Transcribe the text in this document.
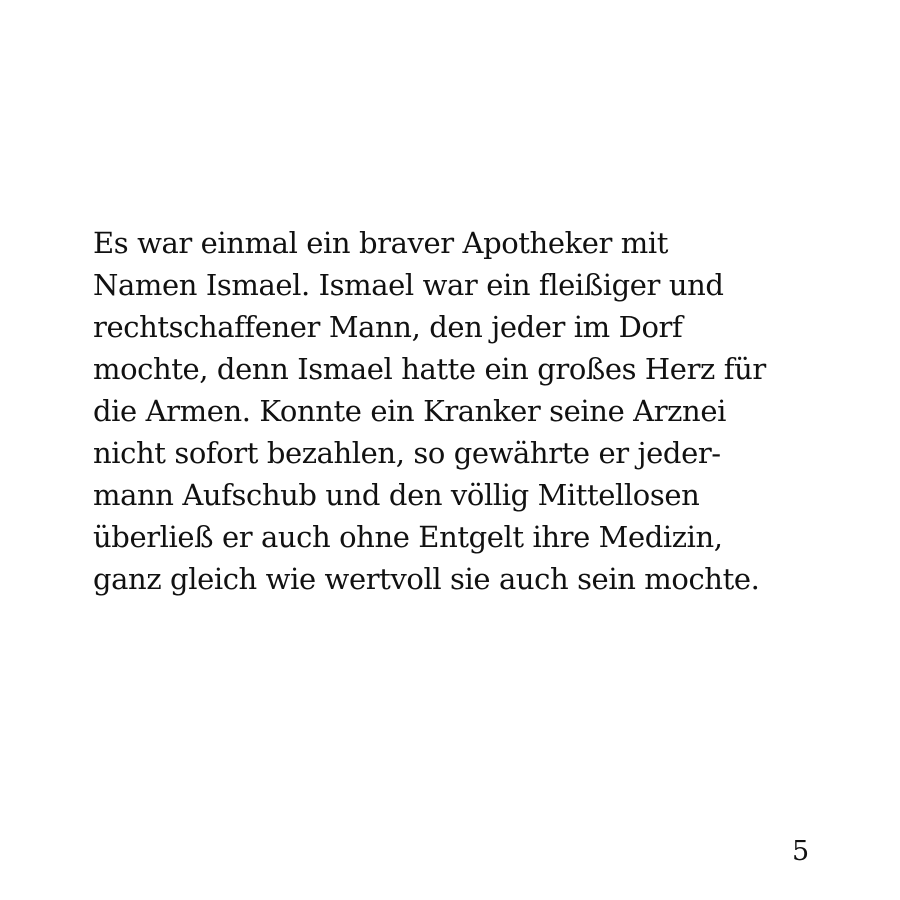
Es war einmal ein braver Apotheker mit
Namen Ismael. Ismael war ein fleißiger und
rechtschaffener Mann, den jeder im Dorf
mochte, denn Ismael hatte ein großes Herz für
die Armen. Konnte ein Kranker seine Arznei
nicht sofort bezahlen, so gewährte er jeder-
mann Aufschub und den völlig Mittellosen
überließ er auch ohne Entgelt ihre Medizin,
ganz gleich wie wertvoll sie auch sein mochte.
5
